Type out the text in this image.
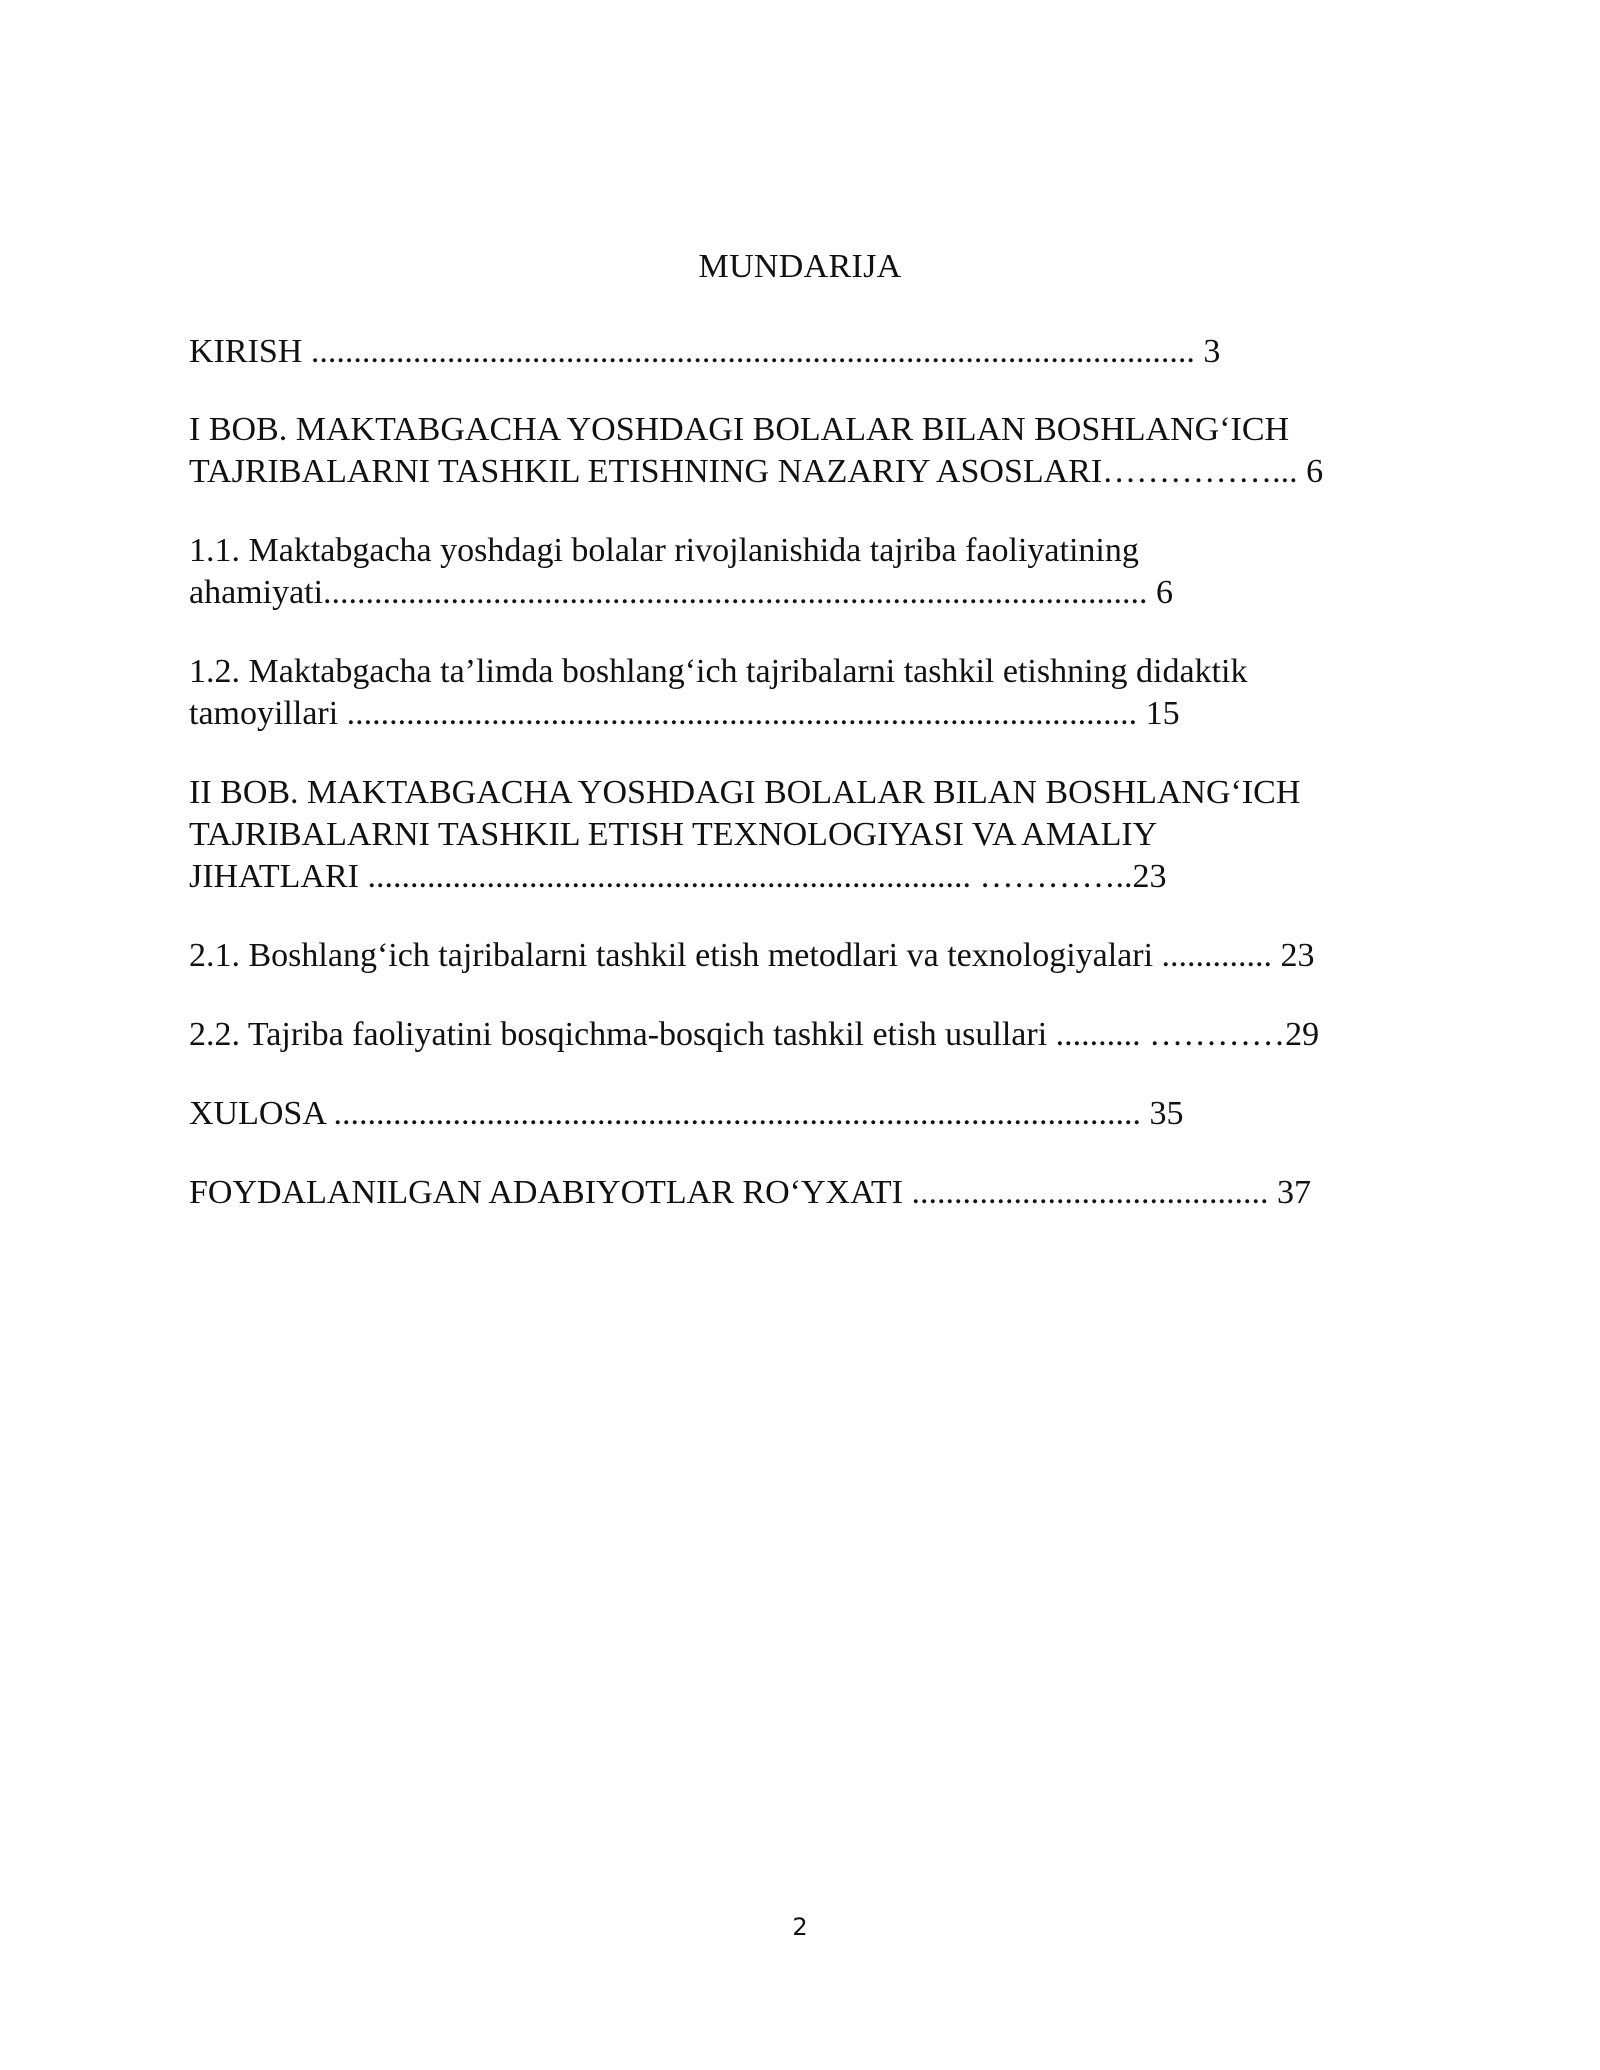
MUNDARIJA
KIRISH ........................................................................................................ 3
I BOB. MAKTABGACHA YOSHDAGI BOLALAR BILAN BOSHLANG‘ICH
TAJRIBALARNI TASHKIL ETISHNING NAZARIY ASOSLARI……………... 6
1.1. Maktabgacha yoshdagi bolalar rivojlanishida tajriba faoliyatining
ahamiyati................................................................................................. 6
1.2. Maktabgacha ta’limda boshlang‘ich tajribalarni tashkil etishning didaktik
tamoyillari ............................................................................................. 15
II BOB. MAKTABGACHA YOSHDAGI BOLALAR BILAN BOSHLANG‘ICH
TAJRIBALARNI TASHKIL ETISH TEXNOLOGIYASI VA AMALIY
JIHATLARI ....................................................................... …………..23
2.1. Boshlang‘ich tajribalarni tashkil etish metodlari va texnologiyalari ............. 23
2.2. Tajriba faoliyatini bosqichma-bosqich tashkil etish usullari .......... …………29
XULOSA ............................................................................................... 35
FOYDALANILGAN ADABIYOTLAR RO‘YXATI .......................................... 37
2
